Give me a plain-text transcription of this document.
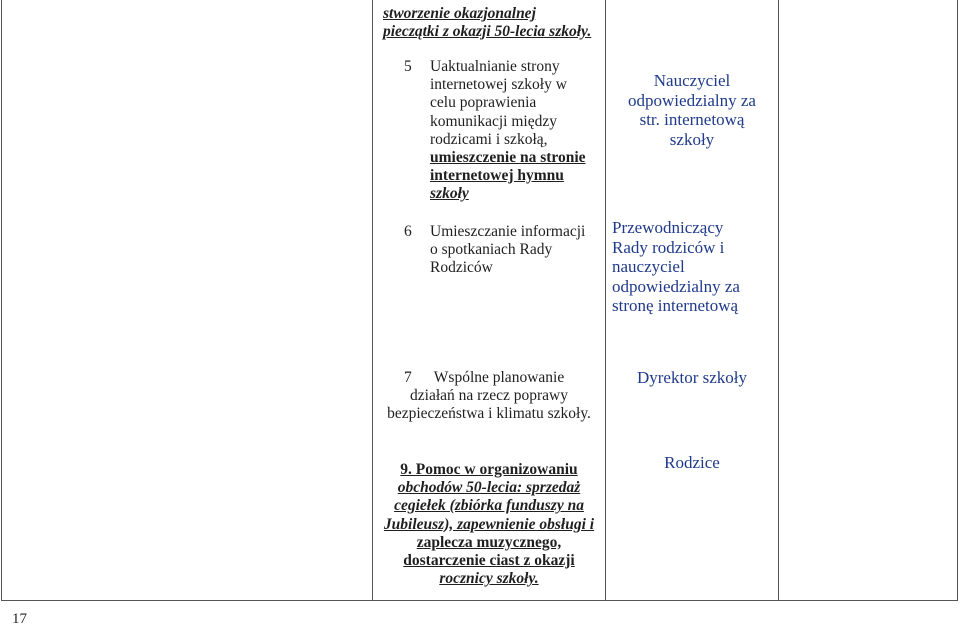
stworzenie okazjonalnej
pieczątki z okazji 50-lecia szkoły.
5 Uaktualnianie strony
internetowej szkoły w
celu poprawienia
komunikacji między
rodzicami i szkołą,
umieszczenie na stronie
internetowej hymnu
szkoły
Nauczyciel
odpowiedzialny za
str. internetową
szkoły
6 Umieszczanie informacji
o spotkaniach Rady
Rodziców
Przewodniczący
Rady rodziców i
nauczyciel
odpowiedzialny za
stronę internetową
7	Wspólne planowanie
działań na rzecz poprawy
bezpieczeństwa i klimatu szkoły.
Dyrektor szkoły
9. Pomoc w organizowaniu
obchodów 50-lecia: sprzedaż
cegiełek (zbiórka funduszy na
Jubileusz), zapewnienie obsługi i
zaplecza muzycznego,
dostarczenie ciast z okazji
rocznicy szkoły.
Rodzice
17
